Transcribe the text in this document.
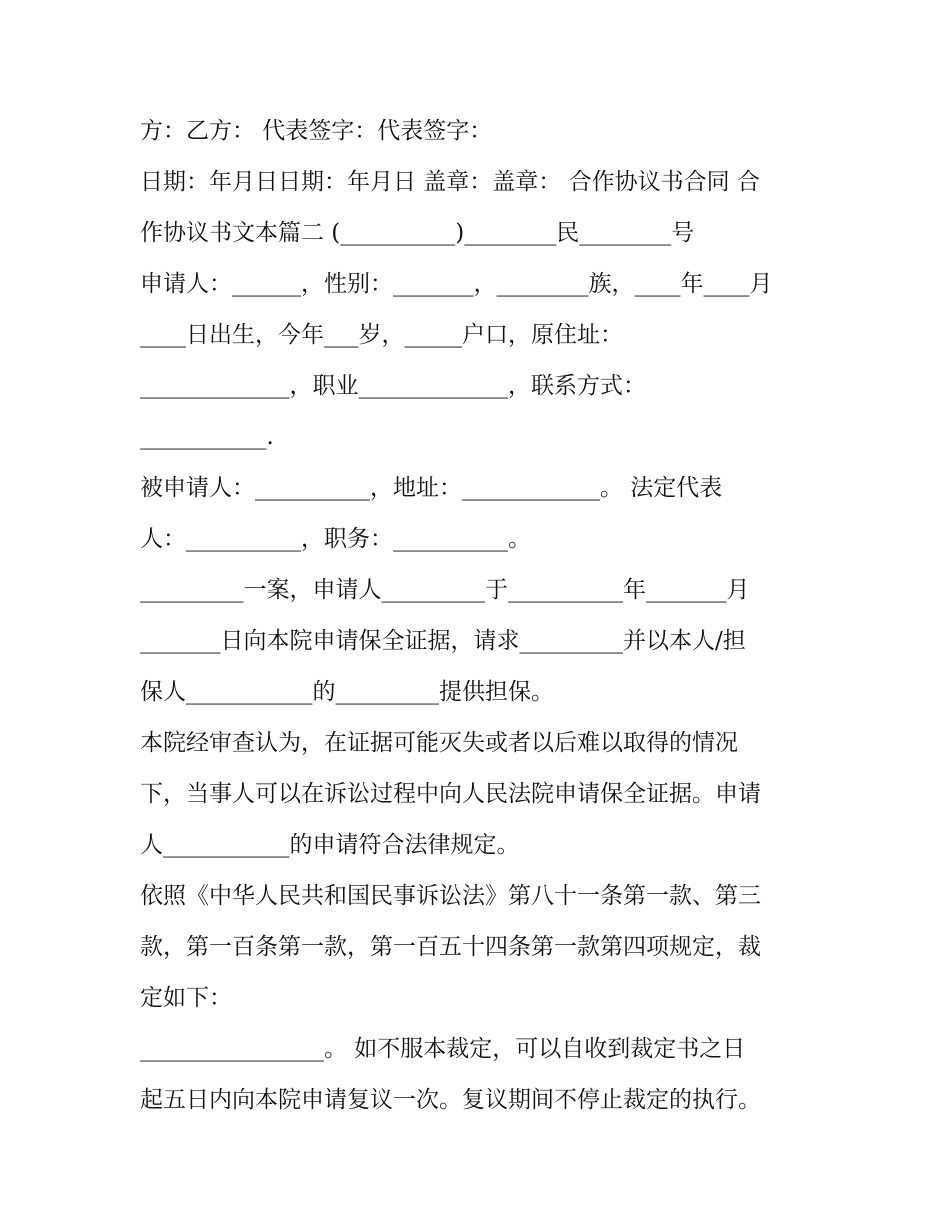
方：乙方： 代表签字：代表签字：
日期：年月日日期：年月日 盖章：盖章： 合作协议书合同 合
作协议书文本篇二 (__________)________民________号
申请人：______，性别：_______，________族，____年____月
____日出生，今年___岁，_____户口，原住址：
_____________，职业_____________，联系方式：
___________.
被申请人：__________，地址：____________。 法定代表
人：__________，职务：__________。
_________一案，申请人_________于__________年_______月
_______日向本院申请保全证据，请求_________并以本人/担
保人___________的_________提供担保。
本院经审查认为，在证据可能灭失或者以后难以取得的情况
下，当事人可以在诉讼过程中向人民法院申请保全证据。申请
人___________的申请符合法律规定。
依照《中华人民共和国民事诉讼法》第八十一条第一款、第三
款，第一百条第一款，第一百五十四条第一款第四项规定，裁
定如下：
________________。 如不服本裁定，可以自收到裁定书之日
起五日内向本院申请复议一次。复议期间不停止裁定的执行。
